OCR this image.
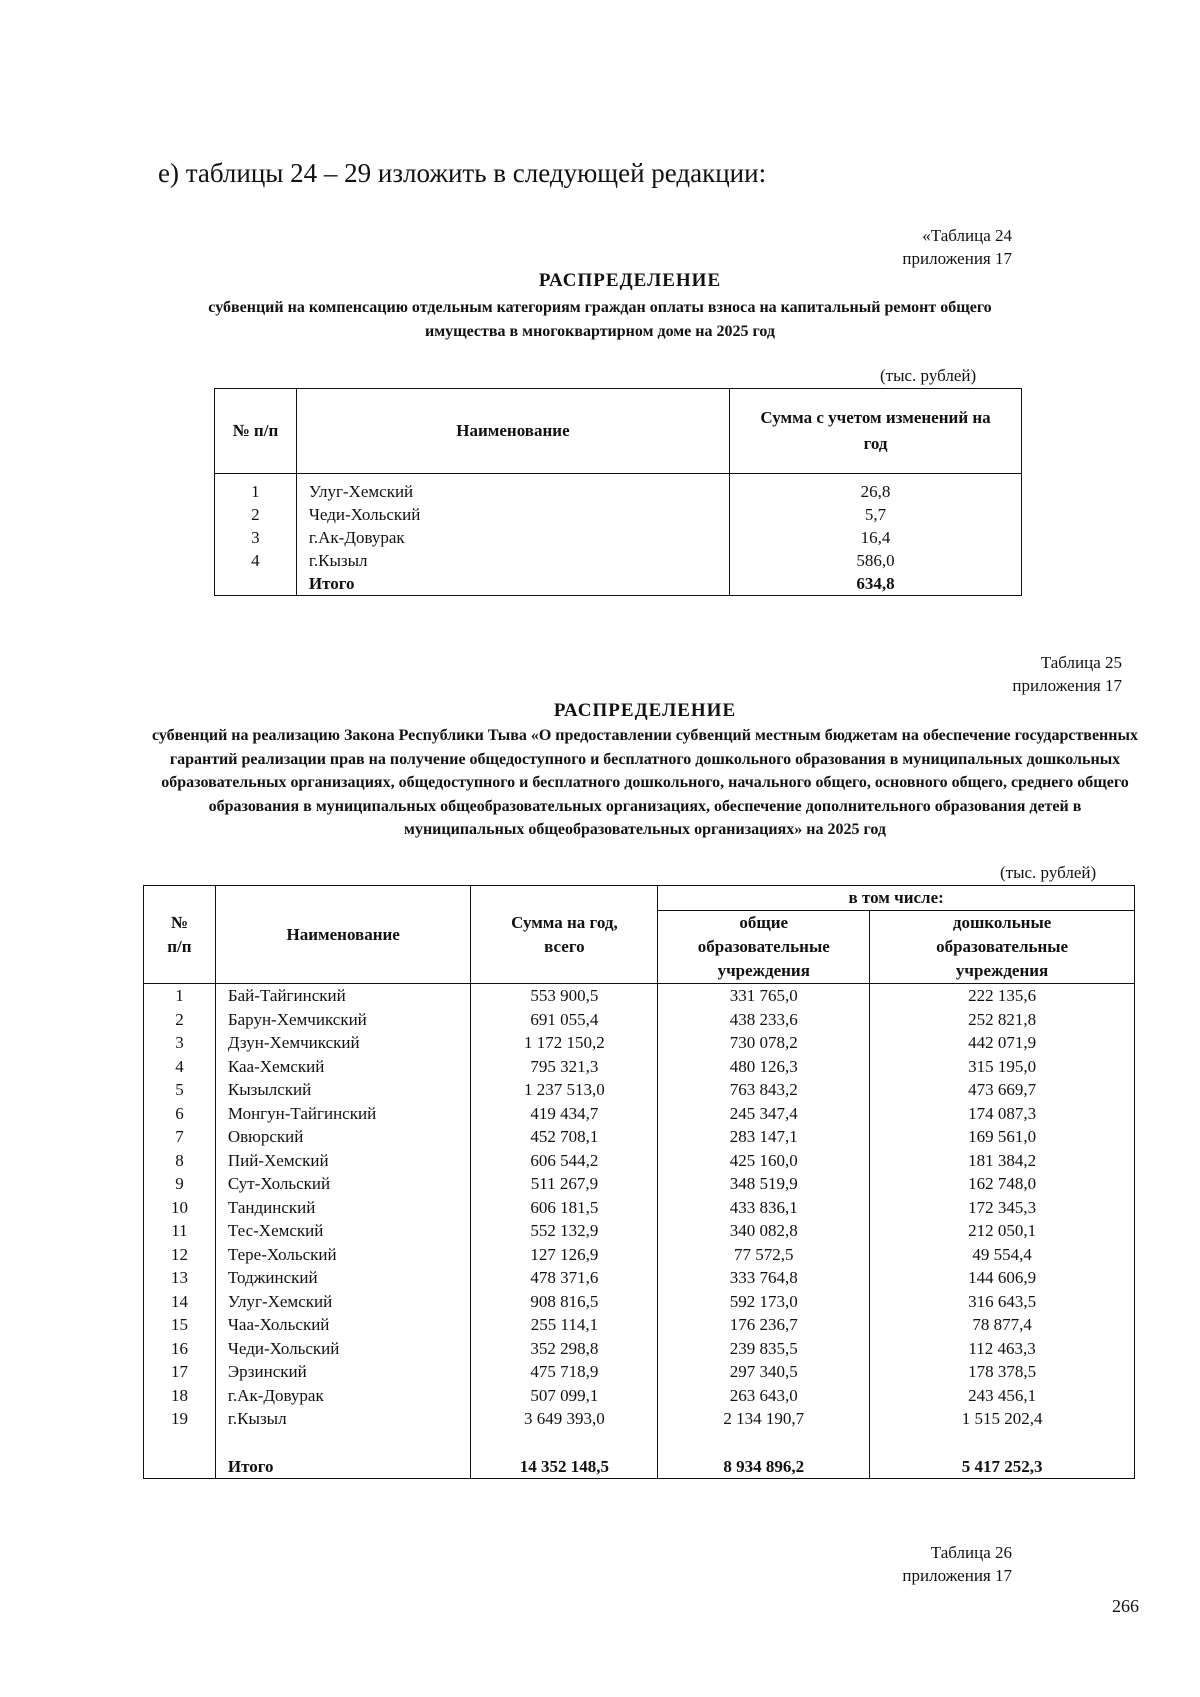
е) таблицы 24 – 29 изложить в следующей редакции:
«Таблица 24
приложения 17
РАСПРЕДЕЛЕНИЕ
субвенций на компенсацию отдельным категориям граждан оплаты взноса на капитальный ремонт общего имущества в многоквартирном доме на 2025 год
(тыс. рублей)
№ п/п	Наименование	Сумма с учетом изменений на год

1	Улуг-Хемский	26,8
2	Чеди-Хольский	5,7
3	г.Ак-Довурак	16,4
4	г.Кызыл	586,0
	Итого	634,8
Таблица 25
приложения 17
РАСПРЕДЕЛЕНИЕ
субвенций на реализацию Закона Республики Тыва «О предоставлении субвенций местным бюджетам на обеспечение государственных гарантий реализации прав на получение общедоступного и бесплатного дошкольного образования в муниципальных дошкольных образовательных организациях, общедоступного и бесплатного дошкольного, начального общего, основного общего, среднего общего образования в муниципальных общеобразовательных организациях, обеспечение дополнительного образования детей в муниципальных общеобразовательных организациях» на 2025 год
(тыс. рублей)
№ п/п	Наименование	Сумма на год, всего	в том числе:	

			общие образовательные учреждения	дошкольные образовательные учреждения

1	Бай-Тайгинский	553 900,5	331 765,0	222 135,6
2	Барун-Хемчикский	691 055,4	438 233,6	252 821,8
3	Дзун-Хемчикский	1 172 150,2	730 078,2	442 071,9
4	Каа-Хемский	795 321,3	480 126,3	315 195,0
5	Кызылский	1 237 513,0	763 843,2	473 669,7
6	Монгун-Тайгинский	419 434,7	245 347,4	174 087,3
7	Овюрский	452 708,1	283 147,1	169 561,0
8	Пий-Хемский	606 544,2	425 160,0	181 384,2
9	Сут-Хольский	511 267,9	348 519,9	162 748,0
10	Тандинский	606 181,5	433 836,1	172 345,3
11	Тес-Хемский	552 132,9	340 082,8	212 050,1
12	Тере-Хольский	127 126,9	77 572,5	49 554,4
13	Тоджинский	478 371,6	333 764,8	144 606,9
14	Улуг-Хемский	908 816,5	592 173,0	316 643,5
15	Чаа-Хольский	255 114,1	176 236,7	78 877,4
16	Чеди-Хольский	352 298,8	239 835,5	112 463,3
17	Эрзинский	475 718,9	297 340,5	178 378,5
18	г.Ак-Довурак	507 099,1	263 643,0	243 456,1
19	г.Кызыл	3 649 393,0	2 134 190,7	1 515 202,4

	Итого	14 352 148,5	8 934 896,2	5 417 252,3
Таблица 26
приложения 17
266
